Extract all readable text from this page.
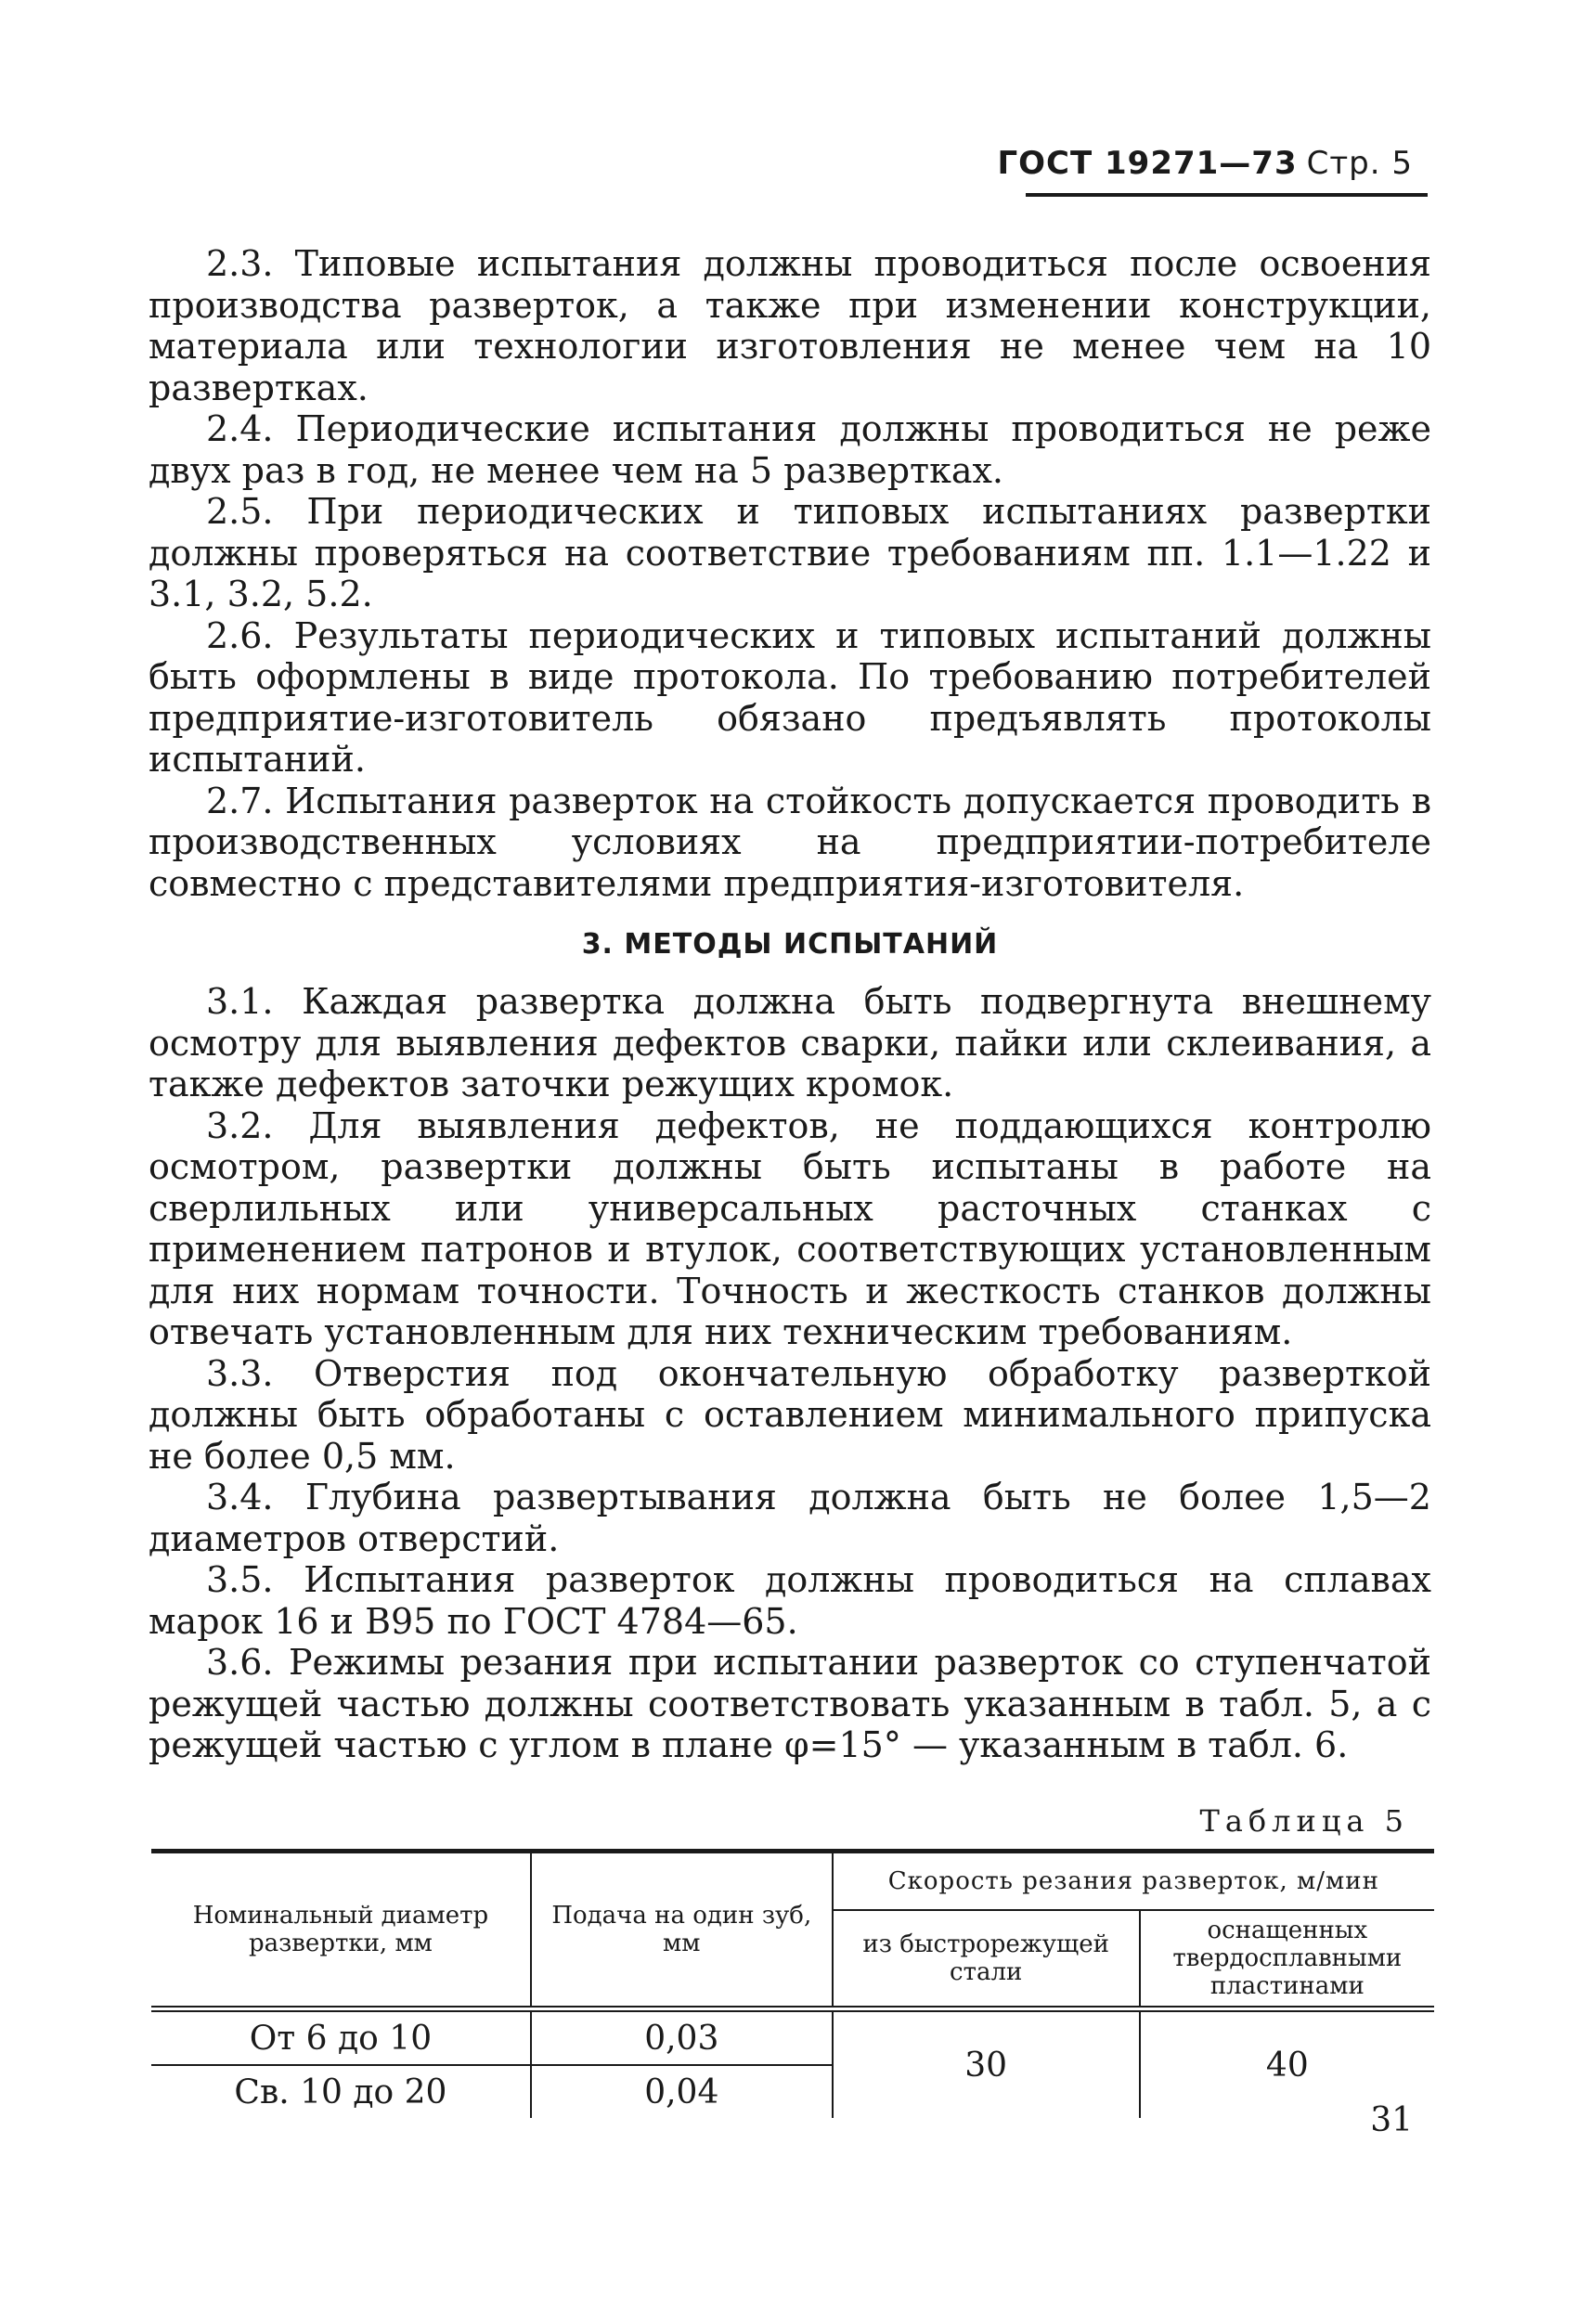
ГОСТ 19271—73 Стр. 5

2.3. Типовые испытания должны проводиться после освоения производства разверток, а также при изменении конструкции, материала или технологии изготовления не менее чем на 10 развертках.

2.4. Периодические испытания должны проводиться не реже двух раз в год, не менее чем на 5 развертках.

2.5. При периодических и типовых испытаниях развертки должны проверяться на соответствие требованиям пп. 1.1—1.22 и 3.1, 3.2, 5.2.

2.6. Результаты периодических и типовых испытаний должны быть оформлены в виде протокола. По требованию потребителей предприятие-изготовитель обязано предъявлять протоколы испытаний.

2.7. Испытания разверток на стойкость допускается проводить в производственных условиях на предприятии-потребителе совместно с представителями предприятия-изготовителя.

3. МЕТОДЫ ИСПЫТАНИЙ

3.1. Каждая развертка должна быть подвергнута внешнему осмотру для выявления дефектов сварки, пайки или склеивания, а также дефектов заточки режущих кромок.

3.2. Для выявления дефектов, не поддающихся контролю осмотром, развертки должны быть испытаны в работе на сверлильных или универсальных расточных станках с применением патронов и втулок, соответствующих установленным для них нормам точности. Точность и жесткость станков должны отвечать установленным для них техническим требованиям.

3.3. Отверстия под окончательную обработку разверткой должны быть обработаны с оставлением минимального припуска не более 0,5 мм.

3.4. Глубина развертывания должна быть не более 1,5—2 диаметров отверстий.

3.5. Испытания разверток должны проводиться на сплавах марок 16 и В95 по ГОСТ 4784—65.

3.6. Режимы резания при испытании разверток со ступенчатой режущей частью должны соответствовать указанным в табл. 5, а с режущей частью с углом в плане φ=15° — указанным в табл. 6.

Таблица 5
Номинальный диаметр развертки, мм	Подача на один зуб, мм	Скорость резания разверток, м/мин	
		из быстрорежущей стали	оснащенных твердосплавными пластинами
От 6 до 10	0,03	30	40
Св. 10 до 20	0,04		
31
